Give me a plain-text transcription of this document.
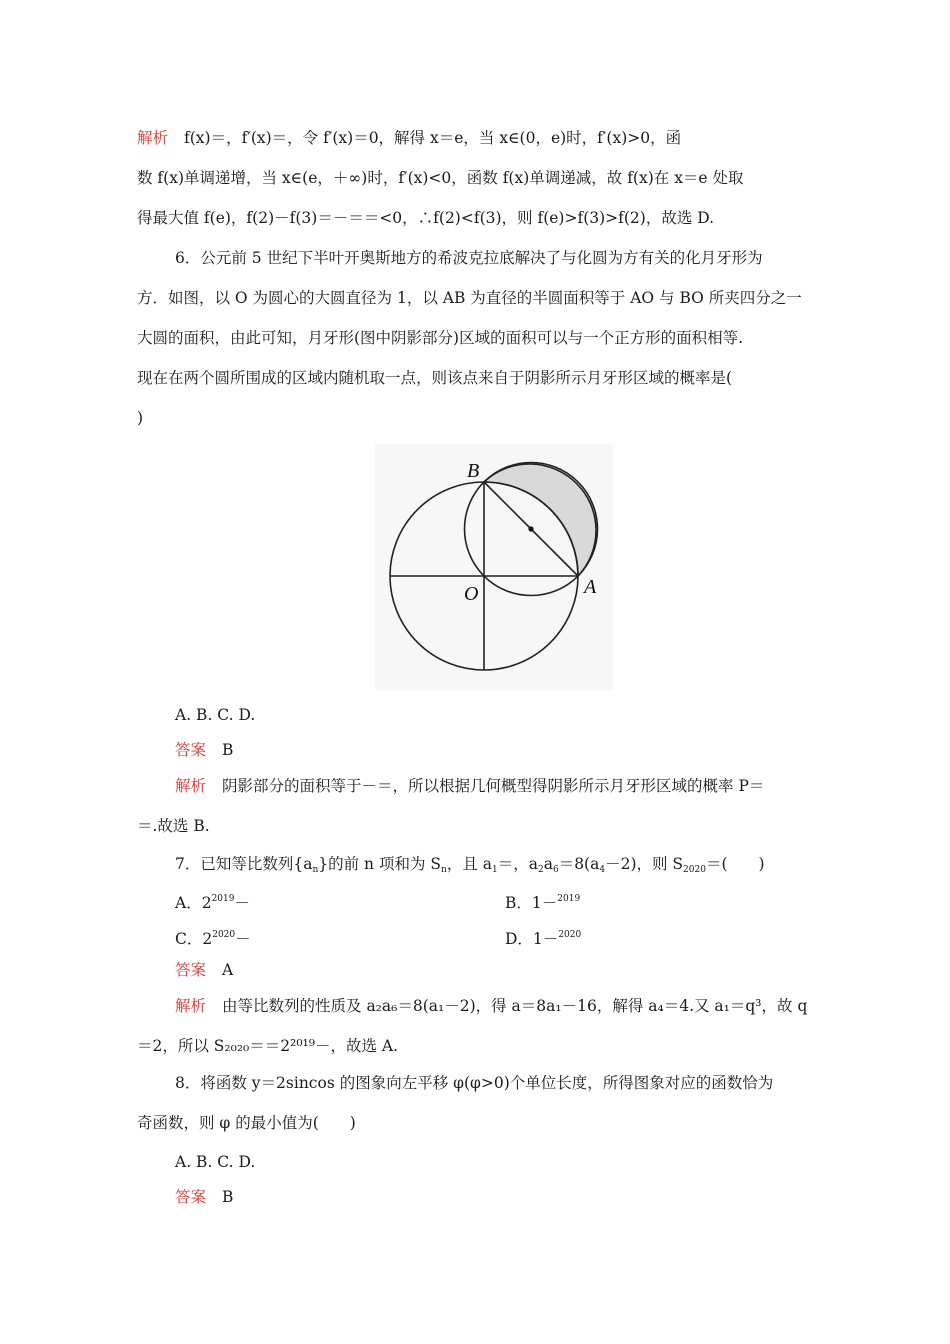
解析 f(x)＝，f′(x)＝，令 f′(x)＝0，解得 x＝e，当 x∈(0，e)时，f′(x)>0，函
数 f(x)单调递增，当 x∈(e，＋∞)时，f′(x)<0，函数 f(x)单调递减，故 f(x)在 x＝e 处取
得最大值 f(e)，f(2)－f(3)＝－＝＝<0，∴f(2)<f(3)，则 f(e)>f(3)>f(2)，故选 D.
6．公元前 5 世纪下半叶开奥斯地方的希波克拉底解决了与化圆为方有关的化月牙形为
方．如图，以 O 为圆心的大圆直径为 1，以 AB 为直径的半圆面积等于 AO 与 BO 所夹四分之一
大圆的面积，由此可知，月牙形(图中阴影部分)区域的面积可以与一个正方形的面积相等.
现在在两个圆所围成的区域内随机取一点，则该点来自于阴影所示月牙形区域的概率是(
)
B
O	A
A. B. C. D.
答案 B
解析 阴影部分的面积等于－＝，所以根据几何概型得阴影所示月牙形区域的概率 P＝
＝.故选 B.
7．已知等比数列$\{a_n\}$的前 n 项和为 $S_n$，且 $a_1=$，$a_2a_6=8(a_4-2)$，则 $S_{2020}=$(　　)
A．$2^{2019}-$	B．1－$^{2019}$
C．$2^{2020}-$	D．1－$^{2020}$
答案 A
解析 由等比数列的性质及 a₂a₆＝8(a₁－2)，得 a＝8a₁－16，解得 a₄＝4.又 a₁＝q³，故 q
＝2，所以 S₂₀₂₀＝＝2²⁰¹⁹－，故选 A.
8．将函数 y＝2sincos 的图象向左平移 φ(φ>0)个单位长度，所得图象对应的函数恰为
奇函数，则 φ 的最小值为(　　)
A. B. C. D.
答案 B
